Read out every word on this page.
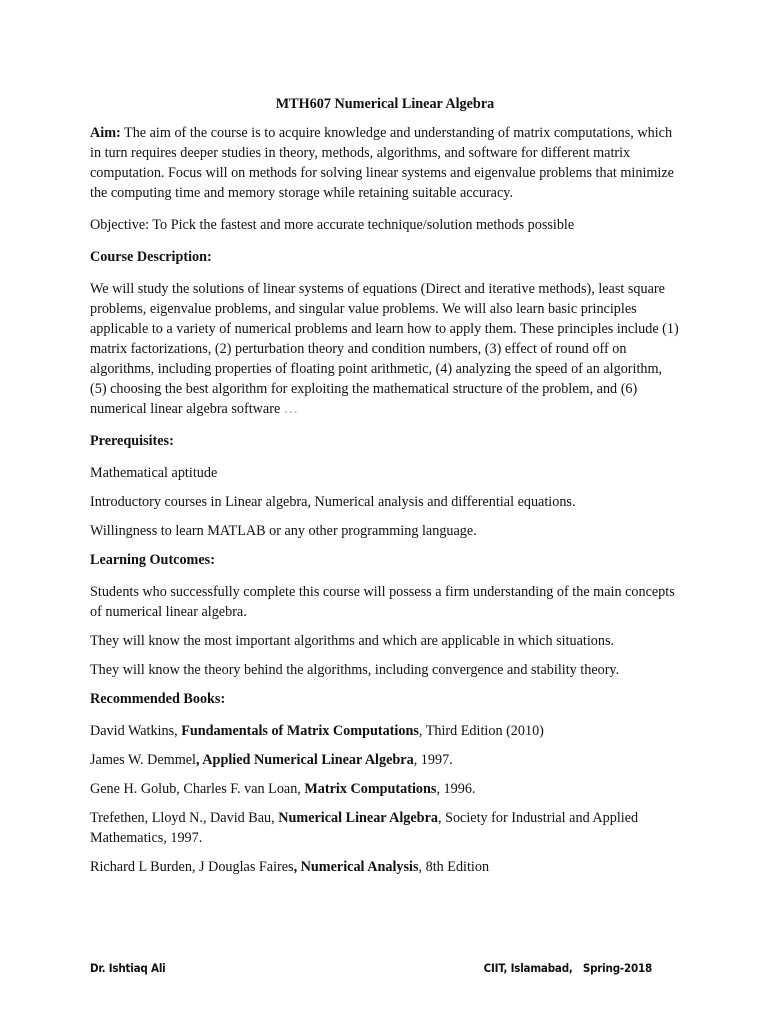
MTH607 Numerical Linear Algebra

Aim: The aim of the course is to acquire knowledge and understanding of matrix computations, which in turn requires deeper studies in theory, methods, algorithms, and software for different matrix computation. Focus will on methods for solving linear systems and eigenvalue problems that minimize the computing time and memory storage while retaining suitable accuracy.

Objective: To Pick the fastest and more accurate technique/solution methods possible

Course Description:

We will study the solutions of linear systems of equations (Direct and iterative methods), least square problems, eigenvalue problems, and singular value problems. We will also learn basic principles applicable to a variety of numerical problems and learn how to apply them. These principles include (1) matrix factorizations, (2) perturbation theory and condition numbers, (3) effect of round off on algorithms, including properties of floating point arithmetic, (4) analyzing the speed of an algorithm, (5) choosing the best algorithm for exploiting the mathematical structure of the problem, and (6) numerical linear algebra software …

Prerequisites:

Mathematical aptitude

Introductory courses in Linear algebra, Numerical analysis and differential equations.

Willingness to learn MATLAB or any other programming language.

Learning Outcomes:

Students who successfully complete this course will possess a firm understanding of the main concepts of numerical linear algebra.

They will know the most important algorithms and which are applicable in which situations.

They will know the theory behind the algorithms, including convergence and stability theory.

Recommended Books:

David Watkins, Fundamentals of Matrix Computations, Third Edition (2010)

James W. Demmel, Applied Numerical Linear Algebra, 1997.

Gene H. Golub, Charles F. van Loan, Matrix Computations, 1996.

Trefethen, Lloyd N., David Bau, Numerical Linear Algebra, Society for Industrial and Applied Mathematics, 1997.

Richard L Burden, J Douglas Faires, Numerical Analysis, 8th Edition

Dr. Ishtiaq Ali	CIIT, Islamabad,   Spring-2018
